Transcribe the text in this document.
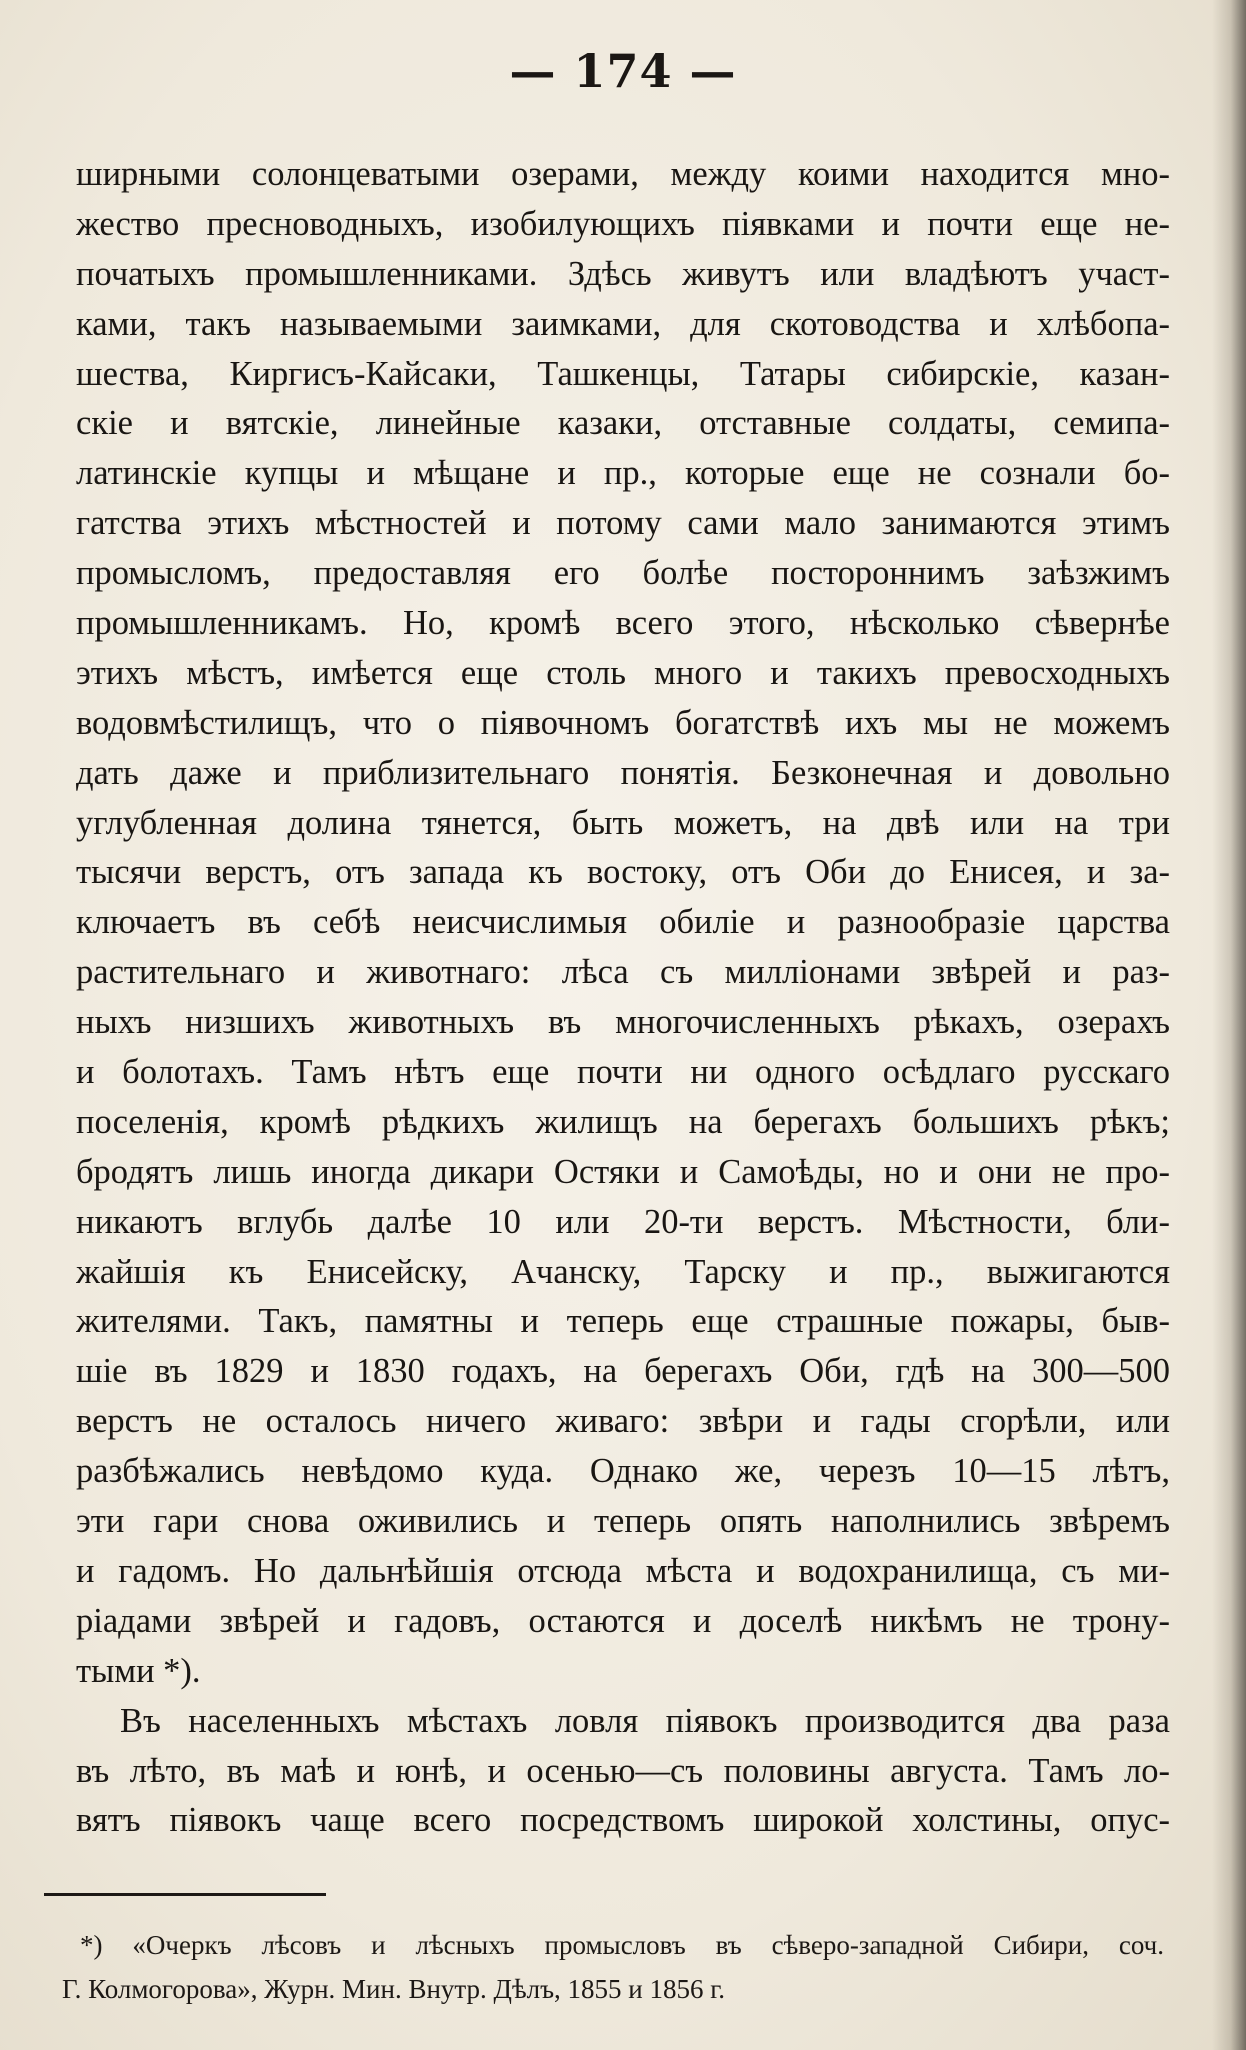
— 174 —
ширными солонцеватыми озерами, между коими находится мно-
жество пресноводныхъ, изобилующихъ пiявками и почти еще не-
початыхъ промышленниками. Здѣсь живутъ или владѣютъ участ-
ками, такъ называемыми заимками, для скотоводства и хлѣбопа-
шества, Киргисъ-Кайсаки, Ташкенцы, Татары сибирскiе, казан-
скiе и вятскiе, линейные казаки, отставные солдаты, семипа-
латинскiе купцы и мѣщане и пр., которые еще не сознали бо-
гатства этихъ мѣстностей и потому сами мало занимаются этимъ
промысломъ, предоставляя его болѣе постороннимъ заѣзжимъ
промышленникамъ. Но, кромѣ всего этого, нѣсколько сѣвернѣе
этихъ мѣстъ, имѣется еще столь много и такихъ превосходныхъ
водовмѣстилищъ, что о пiявочномъ богатствѣ ихъ мы не можемъ
дать даже и приблизительнаго понятiя. Безконечная и довольно
углубленная долина тянется, быть можетъ, на двѣ или на три
тысячи верстъ, отъ запада къ востоку, отъ Оби до Енисея, и за-
ключаетъ въ себѣ неисчислимыя обилiе и разнообразiе царства
растительнаго и животнаго: лѣса съ миллiонами звѣрей и раз-
ныхъ низшихъ животныхъ въ многочисленныхъ рѣкахъ, озерахъ
и болотахъ. Тамъ нѣтъ еще почти ни одного осѣдлаго русскаго
поселенiя, кромѣ рѣдкихъ жилищъ на берегахъ большихъ рѣкъ;
бродятъ лишь иногда дикари Остяки и Самоѣды, но и они не про-
никаютъ вглубь далѣе 10 или 20-ти верстъ. Мѣстности, бли-
жайшiя къ Енисейску, Ачанску, Тарску и пр., выжигаются
жителями. Такъ, памятны и теперь еще страшные пожары, быв-
шiе въ 1829 и 1830 годахъ, на берегахъ Оби, гдѣ на 300—500
верстъ не осталось ничего живаго: звѣри и гады сгорѣли, или
разбѣжались невѣдомо куда. Однако же, черезъ 10—15 лѣтъ,
эти гари снова оживились и теперь опять наполнились звѣремъ
и гадомъ. Но дальнѣйшiя отсюда мѣста и водохранилища, съ ми-
рiадами звѣрей и гадовъ, остаются и доселѣ никѣмъ не трону-
тыми *).
Въ населенныхъ мѣстахъ ловля пiявокъ производится два раза
въ лѣто, въ маѣ и юнѣ, и осенью—съ половины августа. Тамъ ло-
вятъ пiявокъ чаще всего посредствомъ широкой холстины, опус-
*) «Очеркъ лѣсовъ и лѣсныхъ промысловъ въ сѣверо-западной Сибири, соч.
Г. Колмогорова», Журн. Мин. Внутр. Дѣлъ, 1855 и 1856 г.
